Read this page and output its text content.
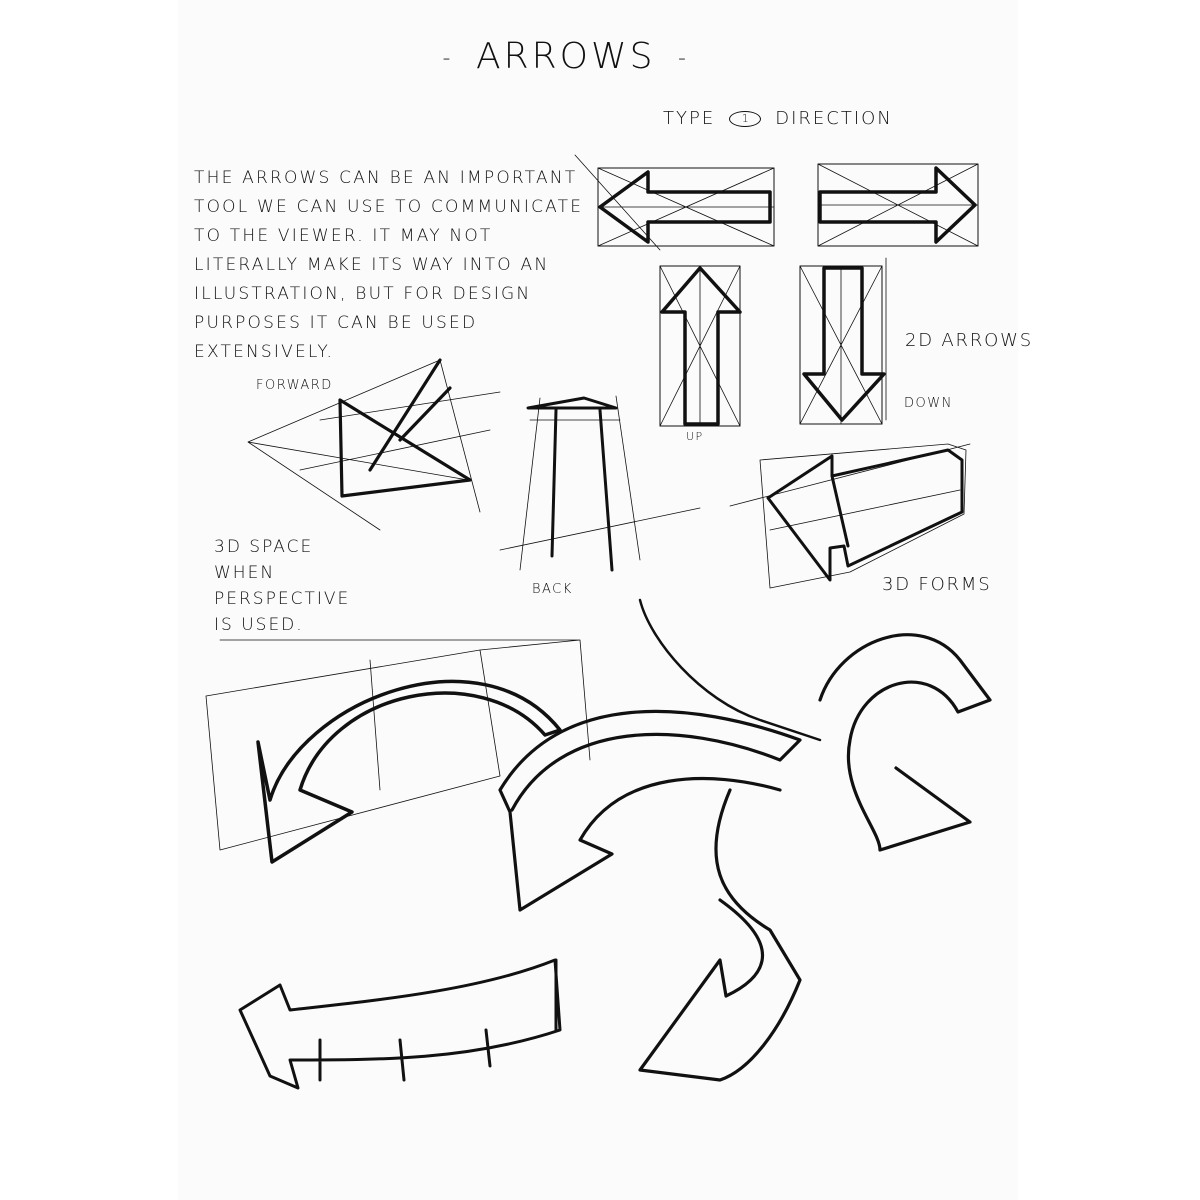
- ARROWS -
TYPE 1 DIRECTION
THE ARROWS CAN BE AN IMPORTANT TOOL WE CAN USE TO COMMUNICATE TO THE VIEWER. IT MAY NOT LITERALLY MAKE ITS WAY INTO AN ILLUSTRATION, BUT FOR DESIGN PURPOSES IT CAN BE USED EXTENSIVELY.
2D ARROWS
UP
DOWN
FORWARD
BACK	3D FORMS
3D SPACE WHEN PERSPECTIVE IS USED.
